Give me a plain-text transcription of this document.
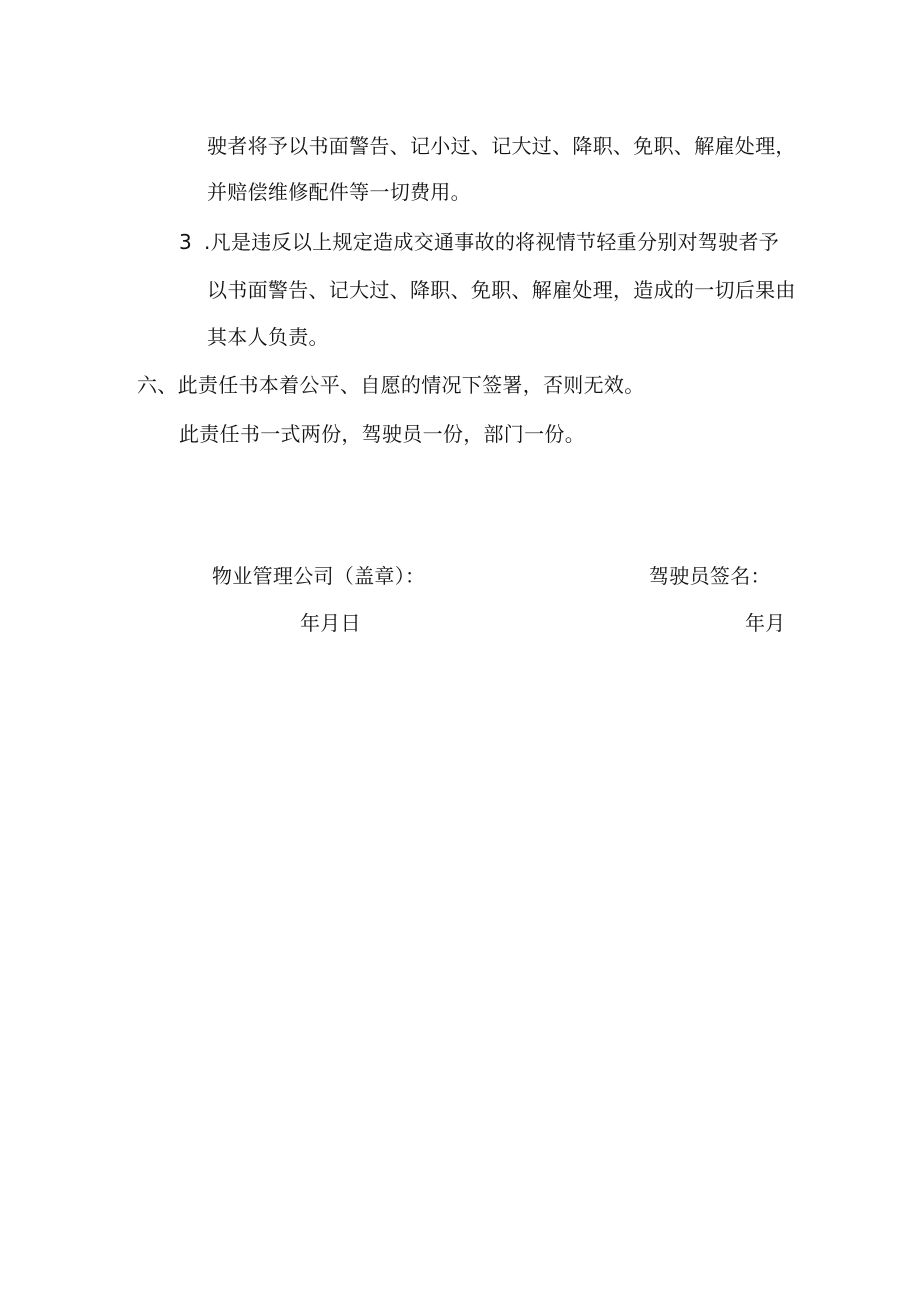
驶者将予以书面警告、记小过、记大过、降职、免职、解雇处理，
并赔偿维修配件等一切费用。
3 .凡是违反以上规定造成交通事故的将视情节轻重分别对驾驶者予
以书面警告、记大过、降职、免职、解雇处理，造成的一切后果由
其本人负责。
六、此责任书本着公平、自愿的情况下签署，否则无效。
此责任书一式两份，驾驶员一份，部门一份。
物业管理公司（盖章）：	驾驶员签名：
年月日	年月
